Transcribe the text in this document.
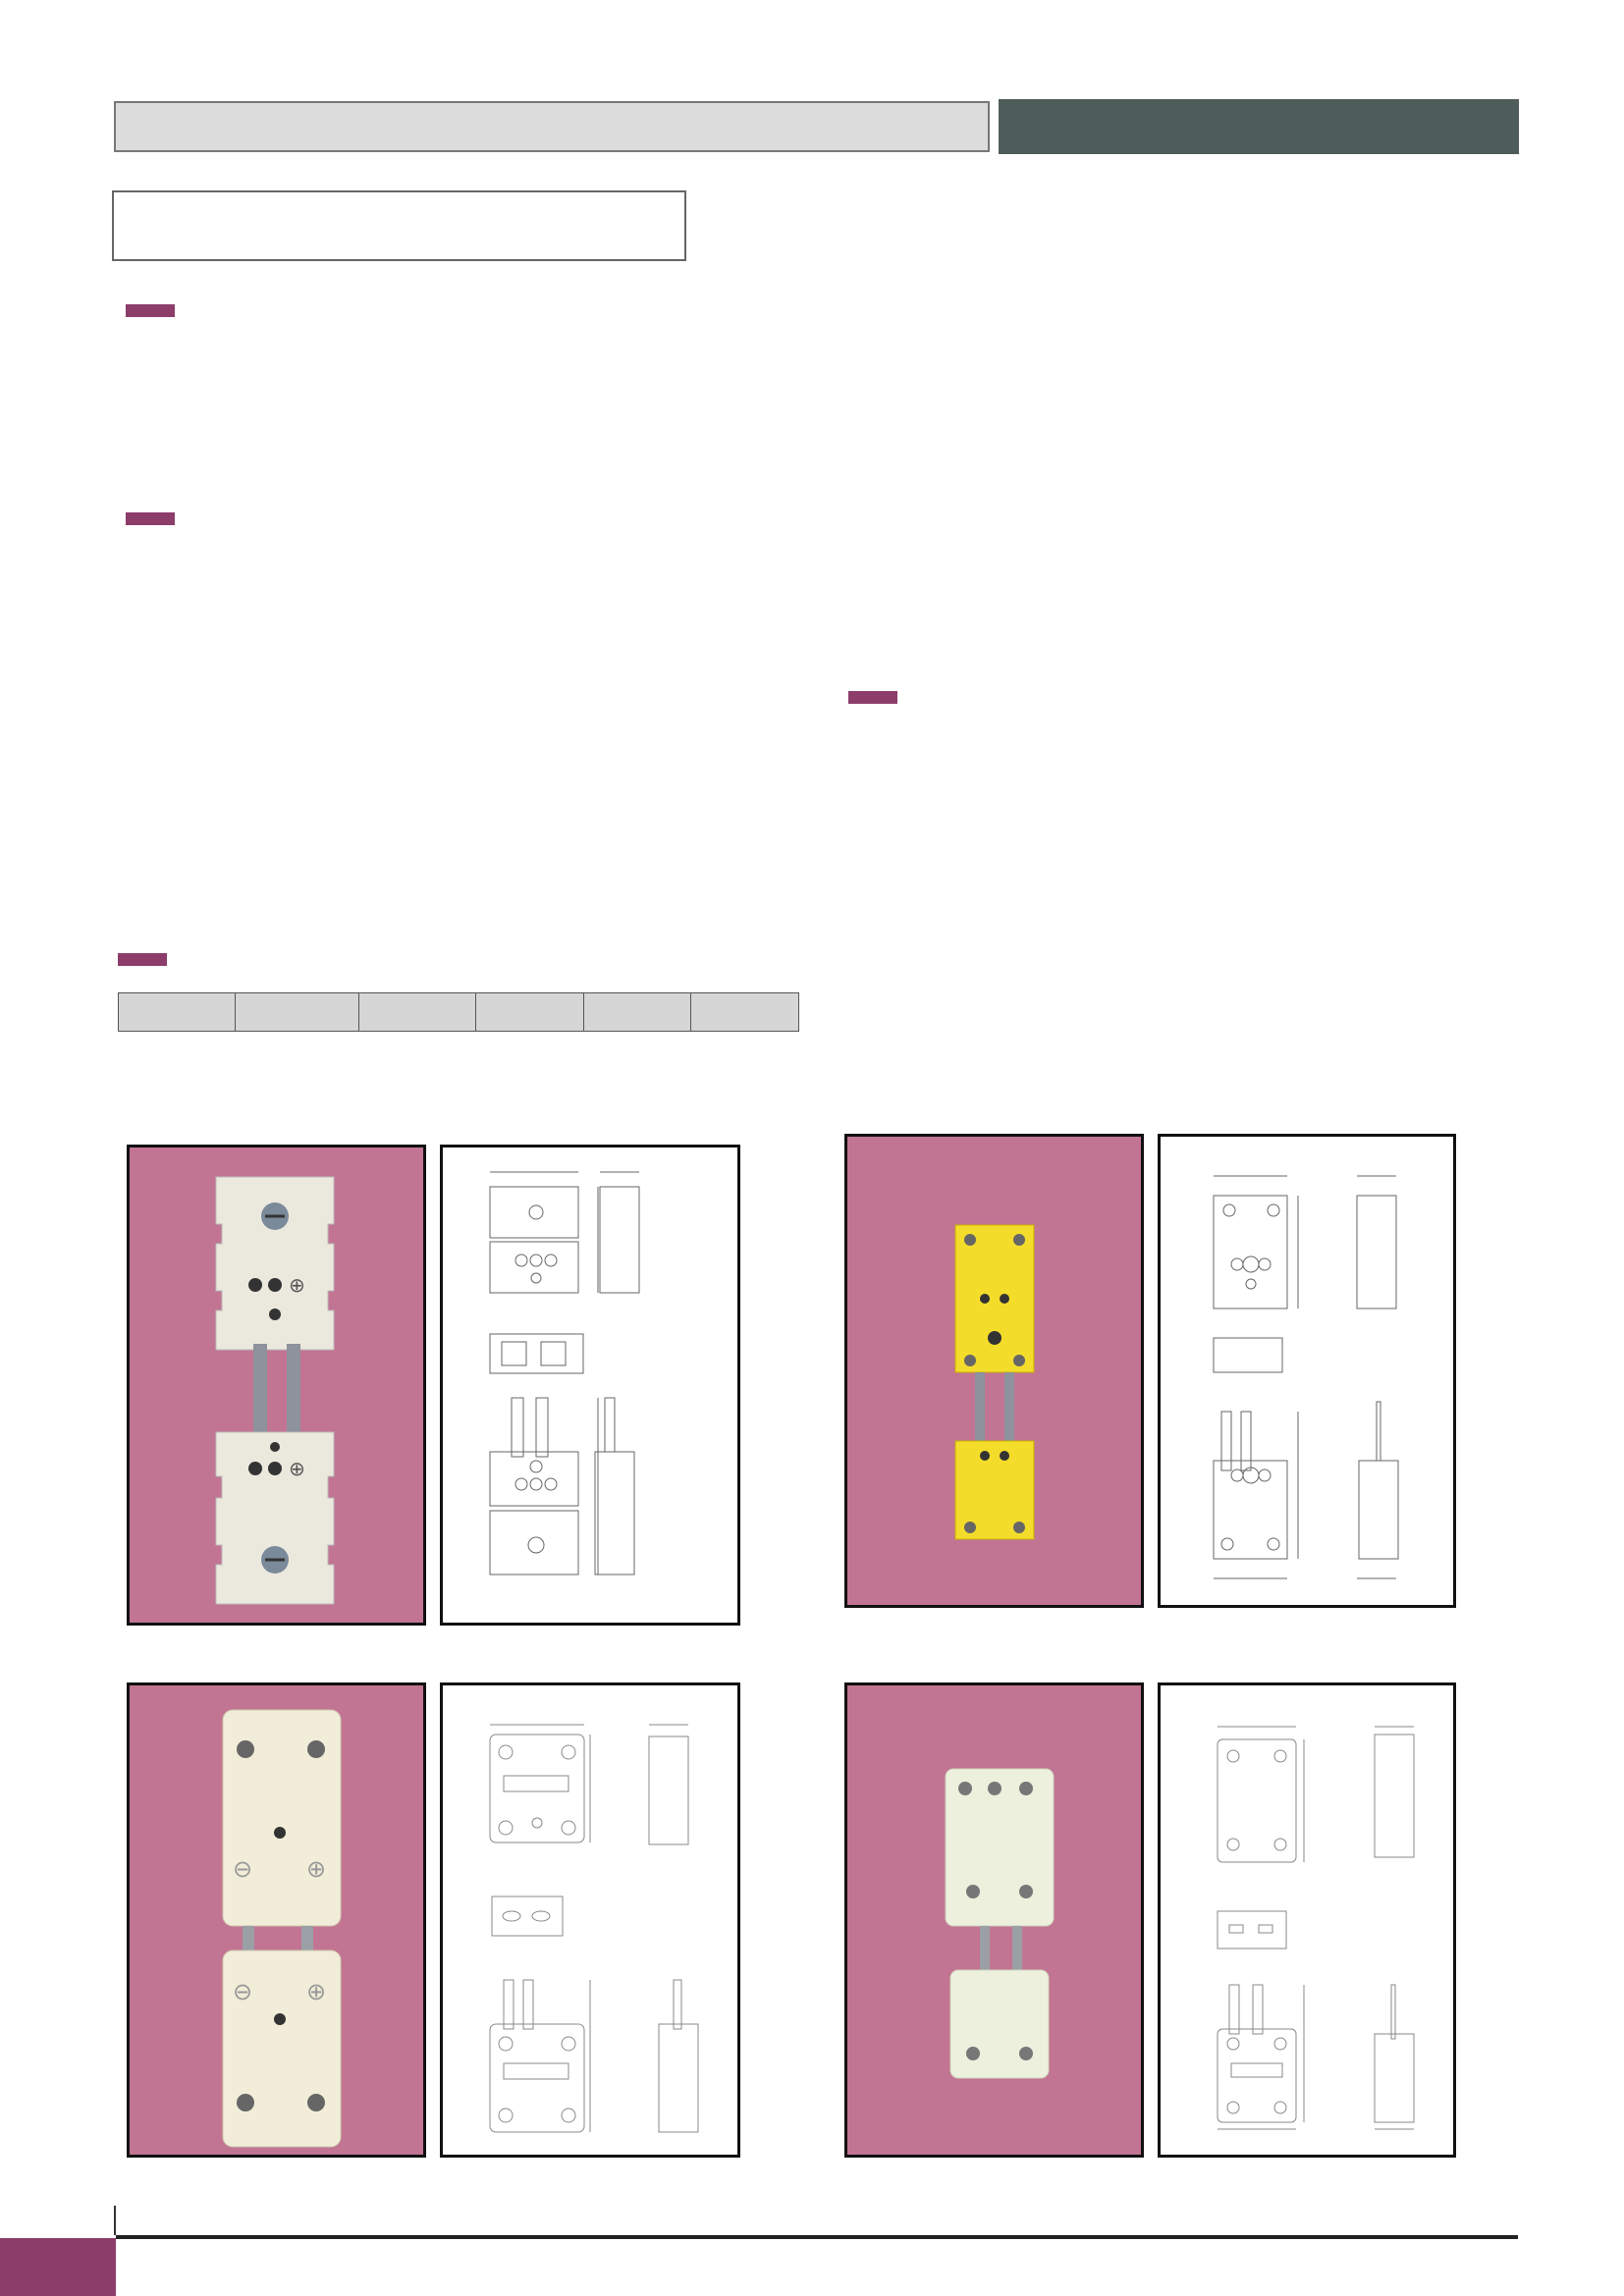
⊕
⊕
⊖ ⊕
⊖ ⊕
